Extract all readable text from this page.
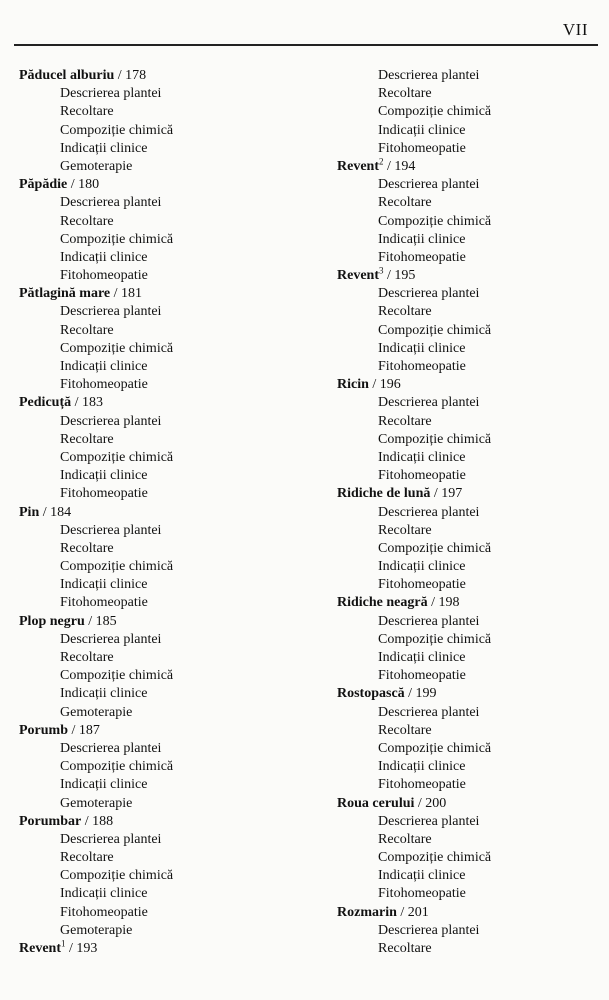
VII
Păducel alburiu / 178
Descrierea plantei
Recoltare
Compoziție chimică
Indicații clinice
Gemoterapie
Păpădie / 180
Descrierea plantei
Recoltare
Compoziție chimică
Indicații clinice
Fitohomeopatie
Pătlagină mare / 181
Descrierea plantei
Recoltare
Compoziție chimică
Indicații clinice
Fitohomeopatie
Pedicuță / 183
Descrierea plantei
Recoltare
Compoziție chimică
Indicații clinice
Fitohomeopatie
Pin / 184
Descrierea plantei
Recoltare
Compoziție chimică
Indicații clinice
Fitohomeopatie
Plop negru / 185
Descrierea plantei
Recoltare
Compoziție chimică
Indicații clinice
Gemoterapie
Porumb / 187
Descrierea plantei
Compoziție chimică
Indicații clinice
Gemoterapie
Porumbar / 188
Descrierea plantei
Recoltare
Compoziție chimică
Indicații clinice
Fitohomeopatie
Gemoterapie
Revent$^1$ / 193
Descrierea plantei
Recoltare
Compoziție chimică
Indicații clinice
Fitohomeopatie
Revent$^2$ / 194
Descrierea plantei
Recoltare
Compoziție chimică
Indicații clinice
Fitohomeopatie
Revent$^3$ / 195
Descrierea plantei
Recoltare
Compoziție chimică
Indicații clinice
Fitohomeopatie
Ricin / 196
Descrierea plantei
Recoltare
Compoziție chimică
Indicații clinice
Fitohomeopatie
Ridiche de lună / 197
Descrierea plantei
Recoltare
Compoziție chimică
Indicații clinice
Fitohomeopatie
Ridiche neagră / 198
Descrierea plantei
Compoziție chimică
Indicații clinice
Fitohomeopatie
Rostopască / 199
Descrierea plantei
Recoltare
Compoziție chimică
Indicații clinice
Fitohomeopatie
Roua cerului / 200
Descrierea plantei
Recoltare
Compoziție chimică
Indicații clinice
Fitohomeopatie
Rozmarin / 201
Descrierea plantei
Recoltare
